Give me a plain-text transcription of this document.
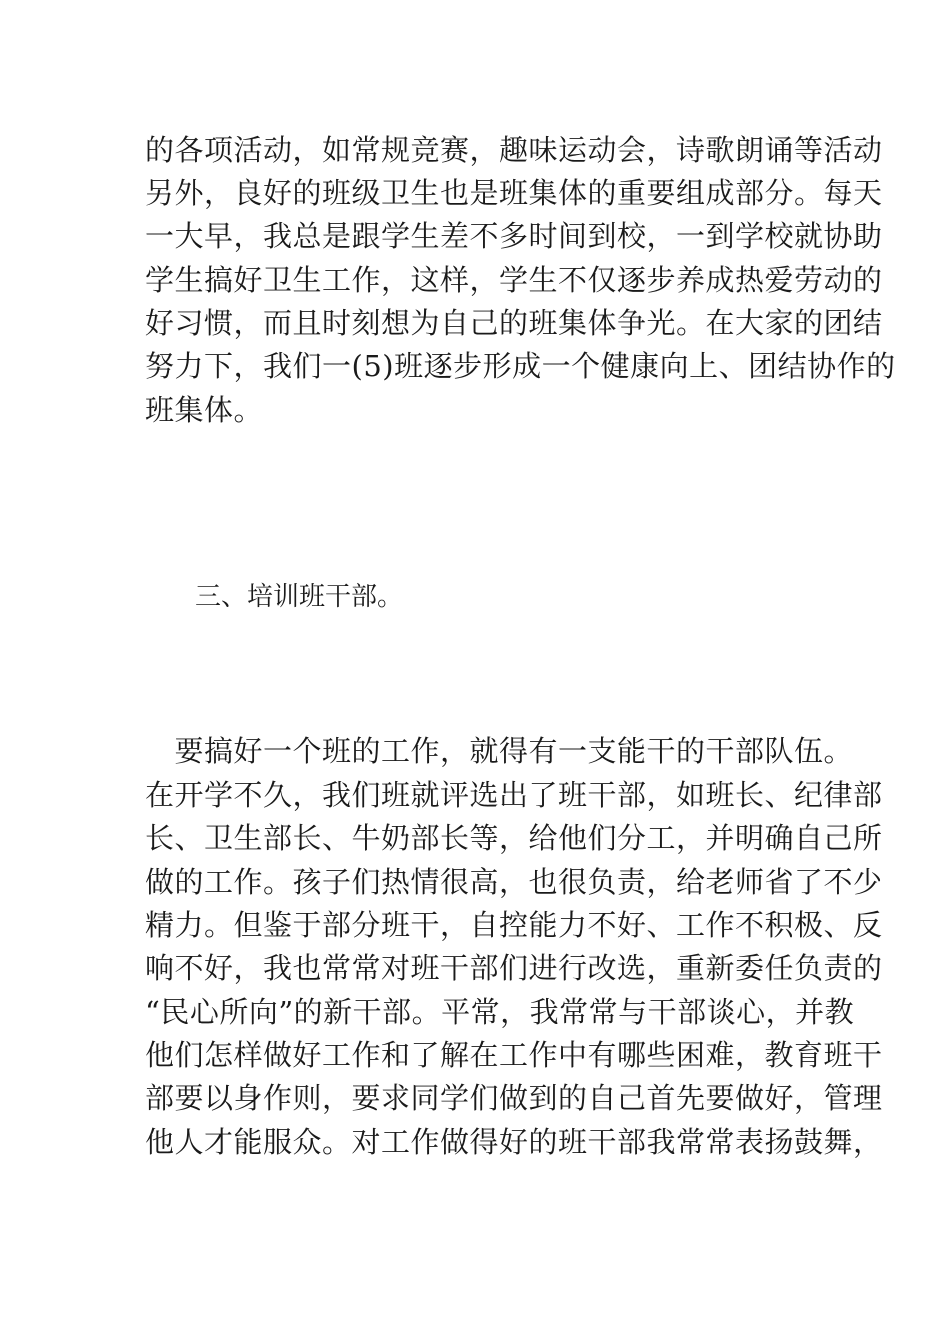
的各项活动，如常规竞赛，趣味运动会，诗歌朗诵等活动
另外，良好的班级卫生也是班集体的重要组成部分。每天
一大早，我总是跟学生差不多时间到校，一到学校就协助
学生搞好卫生工作，这样，学生不仅逐步养成热爱劳动的
好习惯，而且时刻想为自己的班集体争光。在大家的团结
努力下，我们一(5)班逐步形成一个健康向上、团结协作的
班集体。
三、培训班干部。
　要搞好一个班的工作，就得有一支能干的干部队伍。
在开学不久，我们班就评选出了班干部，如班长、纪律部
长、卫生部长、牛奶部长等，给他们分工，并明确自己所
做的工作。孩子们热情很高，也很负责，给老师省了不少
精力。但鉴于部分班干，自控能力不好、工作不积极、反
响不好，我也常常对班干部们进行改选，重新委任负责的
“民心所向”的新干部。平常，我常常与干部谈心，并教
他们怎样做好工作和了解在工作中有哪些困难，教育班干
部要以身作则，要求同学们做到的自己首先要做好，管理
他人才能服众。对工作做得好的班干部我常常表扬鼓舞，
